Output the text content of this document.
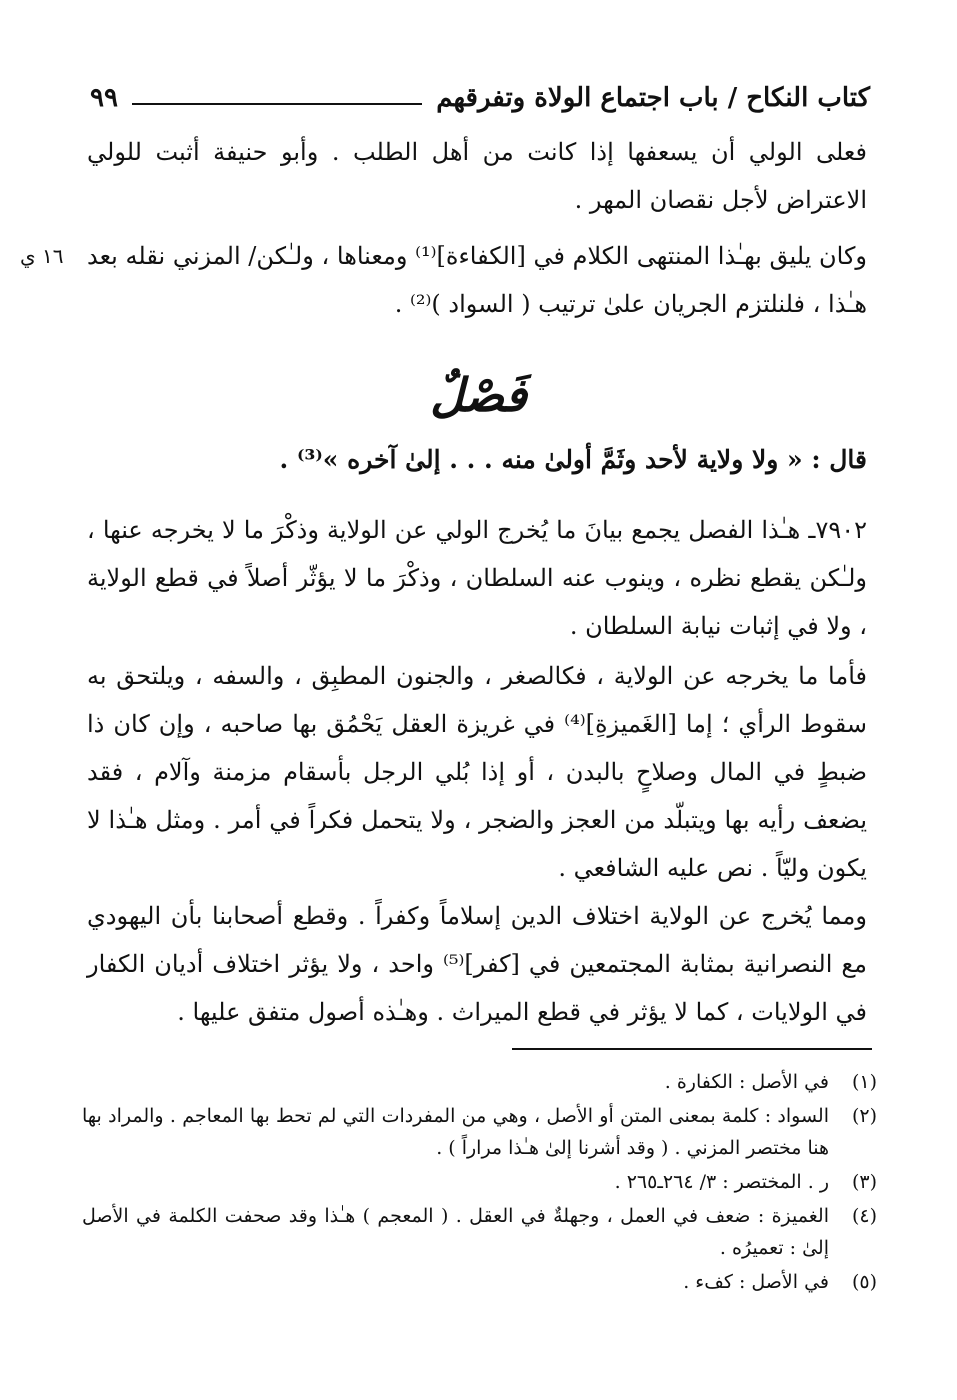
كتاب النكاح / باب اجتماع الولاة وتفرقهم
٩٩

فعلى الولي أن يسعفها إذا كانت من أهل الطلب . وأبو حنيفة أثبت للولي الاعتراض لأجل نقصان المهر .

وكان يليق بهـٰذا المنتهى الكلام في [الكفاءة]⁽¹⁾ ومعناها ، ولـٰكن/ المزني نقله بعد هـٰذا ، فلنلتزم الجريان علىٰ ترتيب ( السواد )⁽²⁾ .

١٦ ي
فَصْلٌ
قال : « ولا ولاية لأحد وثَمَّ أولىٰ منه . . . إلىٰ آخره »⁽³⁾ .

٧٩٠٢ـ هـٰذا الفصل يجمع بيانَ ما يُخرج الولي عن الولاية وذكْرَ ما لا يخرجه عنها ، ولـٰكن يقطع نظره ، وينوب عنه السلطان ، وذكْرَ ما لا يؤثّر أصلاً في قطع الولاية ، ولا في إثبات نيابة السلطان .

فأما ما يخرجه عن الولاية ، فكالصغر ، والجنون المطبِق ، والسفه ، ويلتحق به سقوط الرأي ؛ إما [الغَميزةِ]⁽⁴⁾ في غريزة العقل يَحْمُق بها صاحبه ، وإن كان ذا ضبطٍ في المال وصلاحٍ بالبدن ، أو إذا بُلي الرجل بأسقام مزمنة وآلام ، فقد يضعف رأيه بها ويتبلّد من العجز والضجر ، ولا يتحمل فكراً في أمر . ومثل هـٰذا لا يكون وليّاً . نص عليه الشافعي .

ومما يُخرج عن الولاية اختلاف الدين إسلاماً وكفراً . وقطع أصحابنا بأن اليهودي مع النصرانية بمثابة المجتمعين في [كفر]⁽⁵⁾ واحد ، ولا يؤثر اختلاف أديان الكفار في الولايات ، كما لا يؤثر في قطع الميراث . وهـٰذه أصول متفق عليها .

(١)
في الأصل : الكفارة .
(٢)
السواد : كلمة بمعنى المتن أو الأصل ، وهي من المفردات التي لم تحط بها المعاجم . والمراد بها هنا مختصر المزني . ( وقد أشرنا إلىٰ هـٰذا مراراً ) .
(٣)
ر . المختصر : ٣/ ٢٦٤ـ٢٦٥ .
(٤)
الغميزة : ضعف في العمل ، وجهلةٌ في العقل . ( المعجم ) هـٰذا وقد صحفت الكلمة في الأصل إلىٰ : تعميرُه .
(٥)
في الأصل : كفء .
